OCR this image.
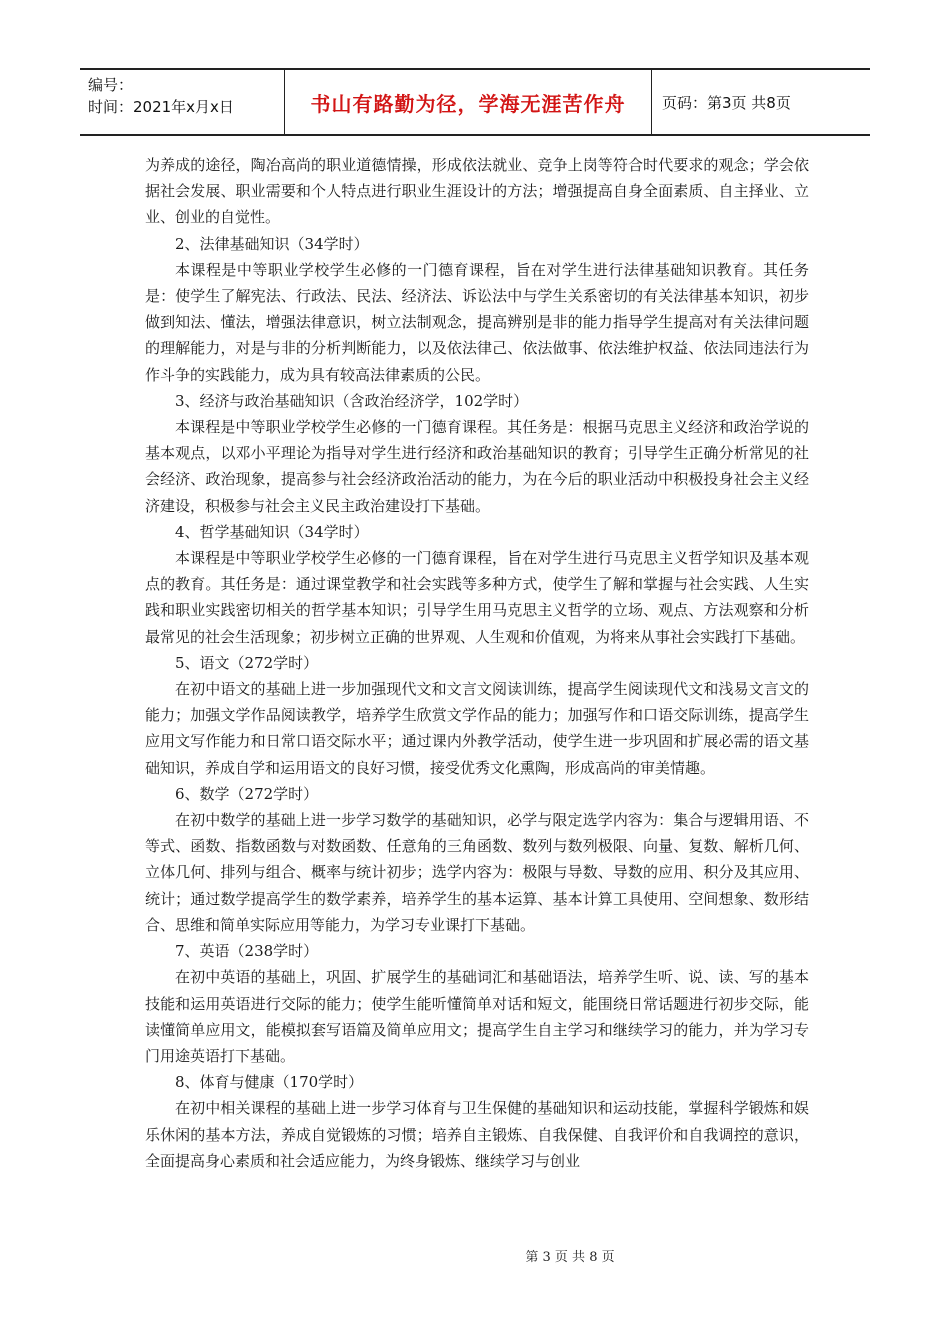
编号：
时间：2021年x月x日	书山有路勤为径，学海无涯苦作舟 页码：第3页 共8页

为养成的途径，陶冶高尚的职业道德情操，形成依法就业、竞争上岗等符合时代要求的观念；学会依据社会发展、职业需要和个人特点进行职业生涯设计的方法；增强提高自身全面素质、自主择业、立业、创业的自觉性。

2、法律基础知识（34学时）

本课程是中等职业学校学生必修的一门德育课程，旨在对学生进行法律基础知识教育。其任务是：使学生了解宪法、行政法、民法、经济法、诉讼法中与学生关系密切的有关法律基本知识，初步做到知法、懂法，增强法律意识，树立法制观念，提高辨别是非的能力指导学生提高对有关法律问题的理解能力，对是与非的分析判断能力，以及依法律己、依法做事、依法维护权益、依法同违法行为作斗争的实践能力，成为具有较高法律素质的公民。

3、经济与政治基础知识（含政治经济学，102学时）

本课程是中等职业学校学生必修的一门德育课程。其任务是：根据马克思主义经济和政治学说的基本观点，以邓小平理论为指导对学生进行经济和政治基础知识的教育；引导学生正确分析常见的社会经济、政治现象，提高参与社会经济政治活动的能力，为在今后的职业活动中积极投身社会主义经济建设，积极参与社会主义民主政治建设打下基础。

4、哲学基础知识（34学时）

本课程是中等职业学校学生必修的一门德育课程，旨在对学生进行马克思主义哲学知识及基本观点的教育。其任务是：通过课堂教学和社会实践等多种方式，使学生了解和掌握与社会实践、人生实践和职业实践密切相关的哲学基本知识；引导学生用马克思主义哲学的立场、观点、方法观察和分析最常见的社会生活现象；初步树立正确的世界观、人生观和价值观，为将来从事社会实践打下基础。

5、语文（272学时）

在初中语文的基础上进一步加强现代文和文言文阅读训练，提高学生阅读现代文和浅易文言文的能力；加强文学作品阅读教学，培养学生欣赏文学作品的能力；加强写作和口语交际训练，提高学生应用文写作能力和日常口语交际水平；通过课内外教学活动，使学生进一步巩固和扩展必需的语文基础知识，养成自学和运用语文的良好习惯，接受优秀文化熏陶，形成高尚的审美情趣。

6、数学（272学时）

在初中数学的基础上进一步学习数学的基础知识，必学与限定选学内容为：集合与逻辑用语、不等式、函数、指数函数与对数函数、任意角的三角函数、数列与数列极限、向量、复数、解析几何、立体几何、排列与组合、概率与统计初步；选学内容为：极限与导数、导数的应用、积分及其应用、统计；通过数学提高学生的数学素养，培养学生的基本运算、基本计算工具使用、空间想象、数形结合、思维和简单实际应用等能力，为学习专业课打下基础。

7、英语（238学时）

在初中英语的基础上，巩固、扩展学生的基础词汇和基础语法，培养学生听、说、读、写的基本技能和运用英语进行交际的能力；使学生能听懂简单对话和短文，能围绕日常话题进行初步交际，能读懂简单应用文，能模拟套写语篇及简单应用文；提高学生自主学习和继续学习的能力，并为学习专门用途英语打下基础。

8、体育与健康（170学时）

在初中相关课程的基础上进一步学习体育与卫生保健的基础知识和运动技能，掌握科学锻炼和娱乐休闲的基本方法，养成自觉锻炼的习惯；培养自主锻炼、自我保健、自我评价和自我调控的意识，全面提高身心素质和社会适应能力，为终身锻炼、继续学习与创业

第 3 页 共 8 页
